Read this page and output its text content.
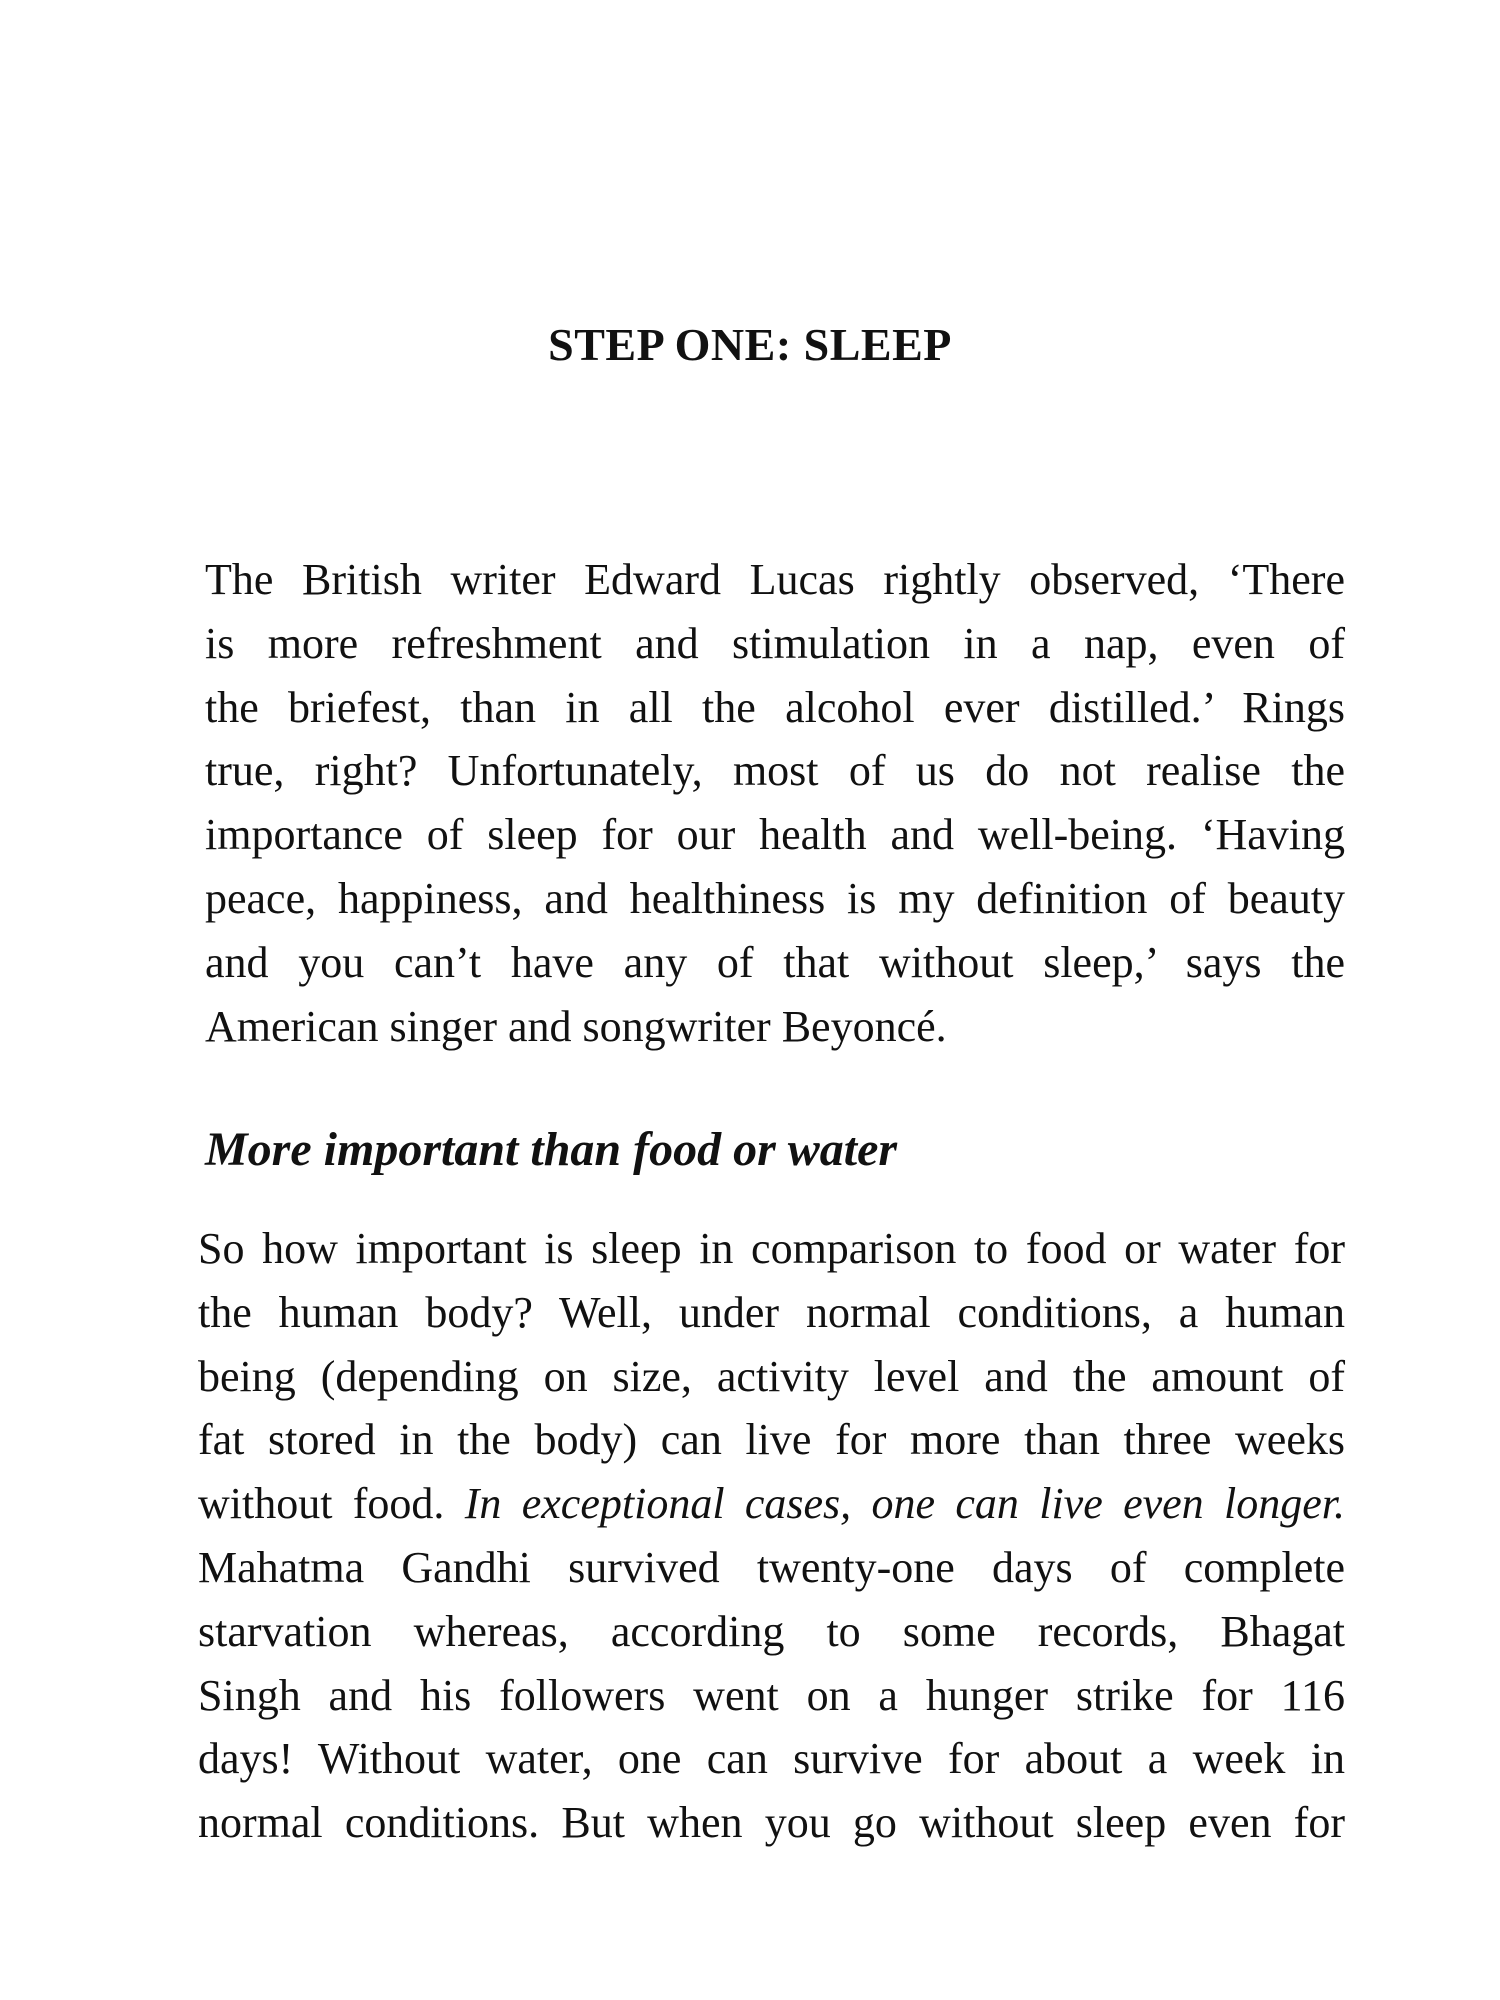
STEP ONE: SLEEP

The British writer Edward Lucas rightly observed, ‘There
is more refreshment and stimulation in a nap, even of
the briefest, than in all the alcohol ever distilled.’ Rings
true, right? Unfortunately, most of us do not realise the
importance of sleep for our health and well-being. ‘Having
peace, happiness, and healthiness is my definition of beauty
and you can’t have any of that without sleep,’ says the
American singer and songwriter Beyoncé.

More important than food or water

So how important is sleep in comparison to food or water for
the human body? Well, under normal conditions, a human
being (depending on size, activity level and the amount of
fat stored in the body) can live for more than three weeks
without food. In exceptional cases, one can live even longer.
Mahatma Gandhi survived twenty-one days of complete
starvation whereas, according to some records, Bhagat
Singh and his followers went on a hunger strike for 116
days! Without water, one can survive for about a week in
normal conditions. But when you go without sleep even for
